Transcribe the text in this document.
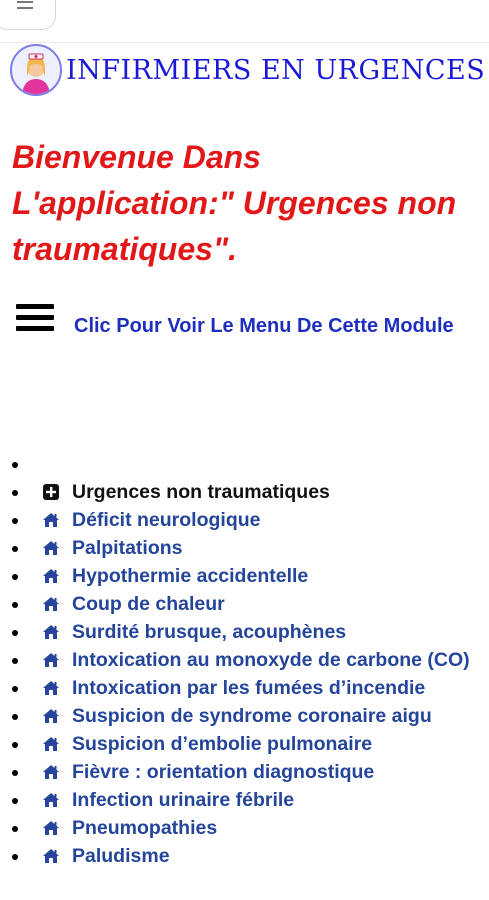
INFIRMIERS EN URGENCES
Bienvenue Dans L'application:" Urgences non traumatiques".
Clic Pour Voir Le Menu De Cette Module
Urgences non traumatiques
Déficit neurologique
Palpitations
Hypothermie accidentelle
Coup de chaleur
Surdité brusque, acouphènes
Intoxication au monoxyde de carbone (CO)
Intoxication par les fumées d’incendie
Suspicion de syndrome coronaire aigu
Suspicion d’embolie pulmonaire
Fièvre : orientation diagnostique
Infection urinaire fébrile
Pneumopathies
Paludisme
